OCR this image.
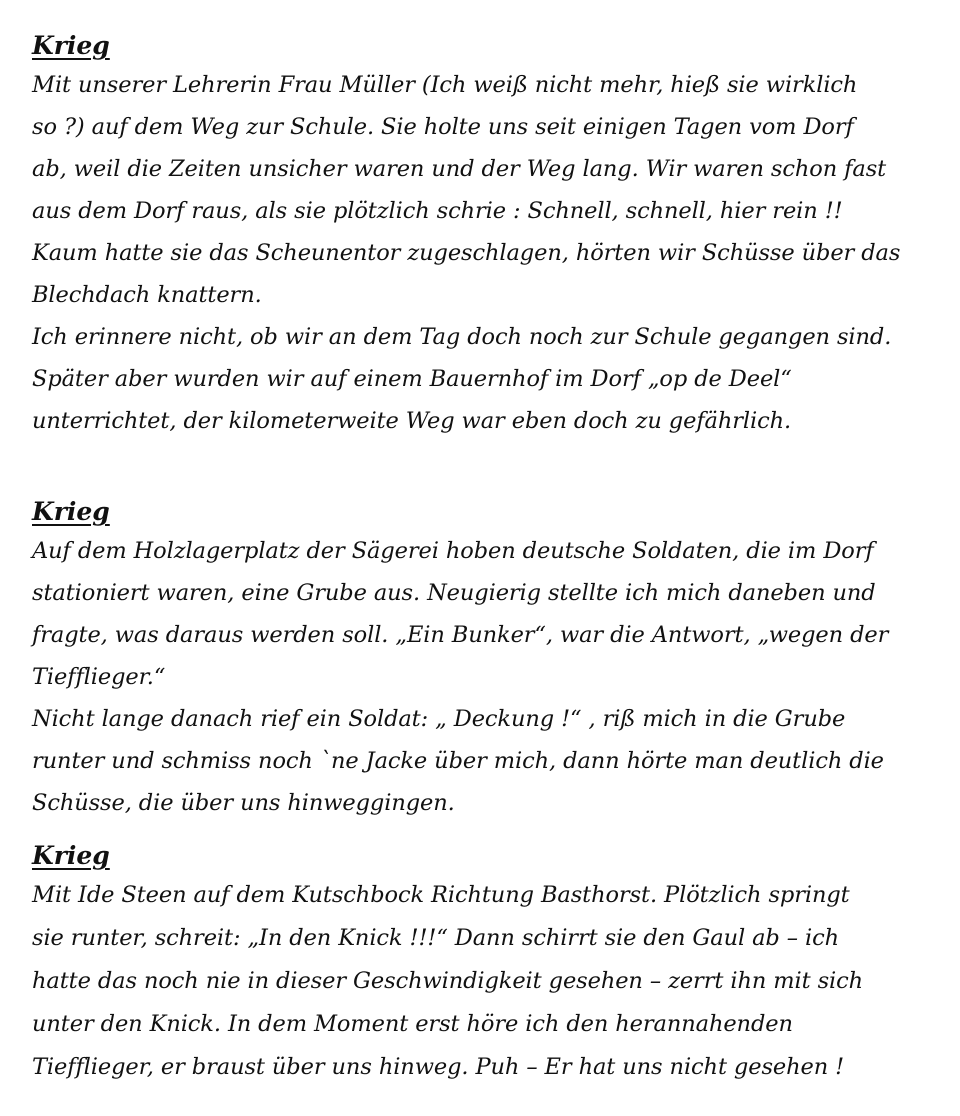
Krieg
Mit unserer Lehrerin Frau Müller (Ich weiß nicht mehr, hieß sie wirklich
so ?) auf dem Weg zur Schule. Sie holte uns seit einigen Tagen vom Dorf
ab, weil die Zeiten unsicher waren und der Weg lang. Wir waren schon fast
aus dem Dorf raus, als sie plötzlich schrie : Schnell, schnell, hier rein !!
Kaum hatte sie das Scheunentor zugeschlagen, hörten wir Schüsse über das
Blechdach knattern.
Ich erinnere nicht, ob wir an dem Tag doch noch zur Schule gegangen sind.
Später aber wurden wir auf einem Bauernhof im Dorf „op de Deel“
unterrichtet, der kilometerweite Weg war eben doch zu gefährlich.
Krieg
Auf dem Holzlagerplatz der Sägerei hoben deutsche Soldaten, die im Dorf
stationiert waren, eine Grube aus. Neugierig stellte ich mich daneben und
fragte, was daraus werden soll. „Ein Bunker“, war die Antwort, „wegen der
Tiefflieger.“
Nicht lange danach rief ein Soldat: „ Deckung !“ , riß mich in die Grube
runter und schmiss noch `ne Jacke über mich, dann hörte man deutlich die
Schüsse, die über uns hinweggingen.
Krieg
Mit Ide Steen auf dem Kutschbock Richtung Basthorst. Plötzlich springt
sie runter, schreit: „In den Knick !!!“ Dann schirrt sie den Gaul ab – ich
hatte das noch nie in dieser Geschwindigkeit gesehen – zerrt ihn mit sich
unter den Knick. In dem Moment erst höre ich den herannahenden
Tiefflieger, er braust über uns hinweg. Puh – Er hat uns nicht gesehen !
